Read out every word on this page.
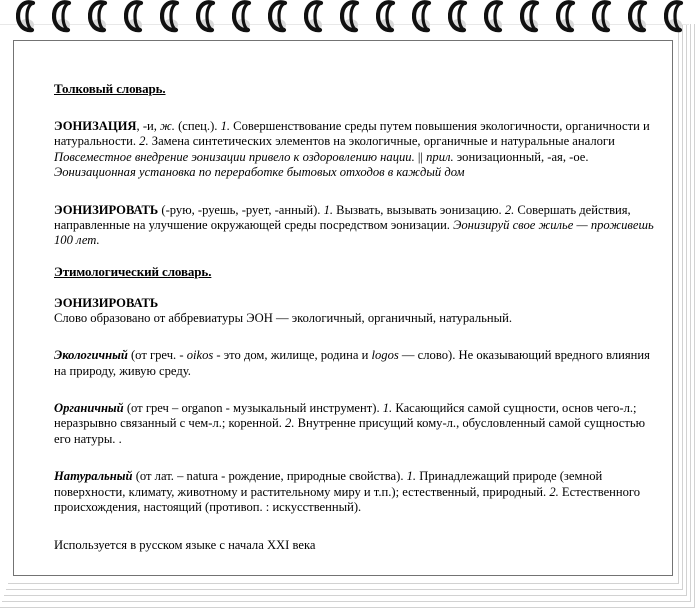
Толковый словарь.

ЭОНИЗАЦИЯ, -и, ж. (спец.). 1. Совершенствование среды путем повышения экологичности, органичности и натуральности. 2. Замена синтетических элементов на экологичные, органичные и натуральные аналоги Повсеместное внедрение эонизации привело к оздоровлению нации. || прил. эонизационный, -ая, -ое. Эонизационная установка по переработке бытовых отходов в каждый дом

ЭОНИЗИРОВАТЬ (-рую, -руешь, -рует, -анный). 1. Вызвать, вызывать эонизацию. 2. Совершать действия, направленные на улучшение окружающей среды посредством эонизации. Эонизируй свое жилье — проживешь 100 лет.

Этимологический словарь.

ЭОНИЗИРОВАТЬ

Слово образовано от аббревиатуры ЭОН — экологичный, органичный, натуральный.

Экологичный (от греч. - oikos - это дом, жилище, родина и logos — слово). Не оказывающий вредного влияния на природу, живую среду.

Органичный (от греч – organon - музыкальный инструмент). 1. Касающийся самой сущности, основ чего-л.; неразрывно связанный с чем-л.; коренной. 2. Внутренне присущий кому-л., обусловленный самой сущностью его натуры. .

Натуральный (от лат. – natura - рождение, природные свойства). 1. Принадлежащий природе (земной поверхности, климату, животному и растительному миру и т.п.); естественный, природный. 2. Естественного происхождения, настоящий (противоп. : искусственный).

Используется в русском языке с начала XXI века
